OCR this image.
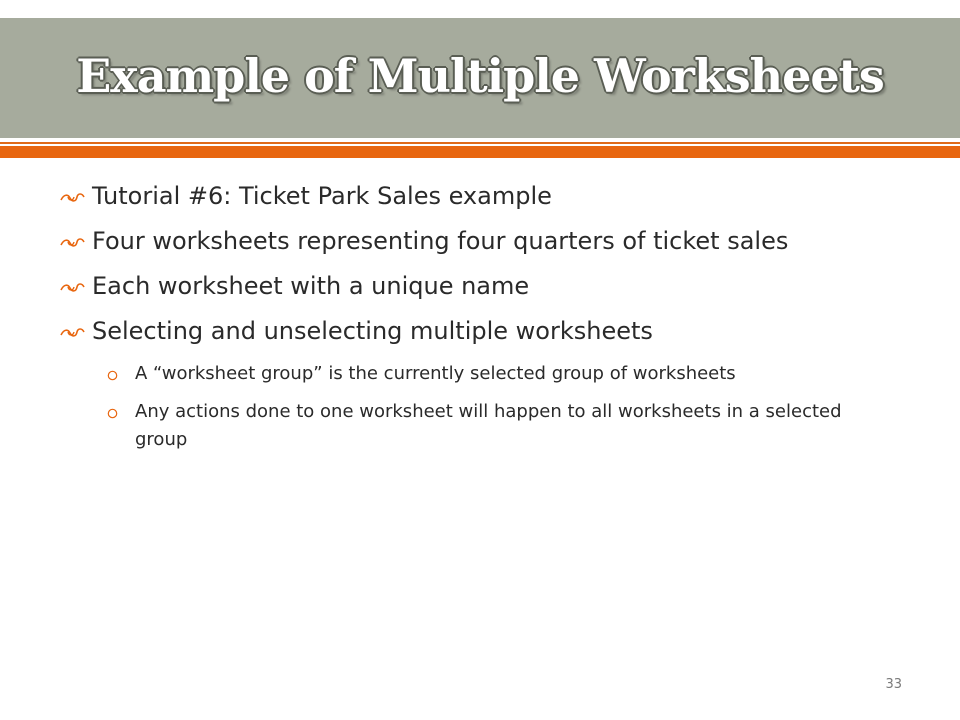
Example of Multiple Worksheets
Tutorial #6: Ticket Park Sales example
Four worksheets representing four quarters of ticket sales
Each worksheet with a unique name
Selecting and unselecting multiple worksheets
A “worksheet group” is the currently selected group of worksheets
Any actions done to one worksheet will happen to all worksheets in a selected group
33
